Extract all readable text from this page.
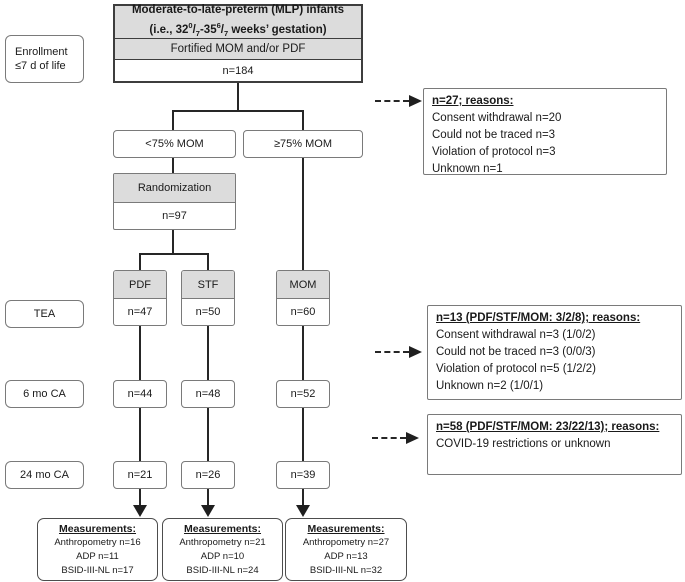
Enrollment
≤7 d of life
Moderate-to-late-preterm (MLP) infants
(i.e., $32^0/_7-35^6/_7$ weeks’ gestation)
Fortified MOM and/or PDF
n=184
<75% MOM	≥75% MOM
Randomization
n=97
PDF
n=47
STF
n=50
MOM
n=60
TEA
6 mo CA
24 mo CA
n=44	n=48	n=52
n=21	n=26	n=39
n=27; reasons:
Consent withdrawal n=20
Could not be traced n=3
Violation of protocol n=3
Unknown n=1
n=13 (PDF/STF/MOM: 3/2/8); reasons:
Consent withdrawal n=3 (1/0/2)
Could not be traced n=3 (0/0/3)
Violation of protocol n=5 (1/2/2)
Unknown n=2 (1/0/1)
n=58 (PDF/STF/MOM: 23/22/13); reasons:
COVID-19 restrictions or unknown
Measurements:
Anthropometry n=16
ADP n=11
BSID-III-NL n=17
Measurements:
Anthropometry n=21
ADP n=10
BSID-III-NL n=24
Measurements:
Anthropometry n=27
ADP n=13
BSID-III-NL n=32
